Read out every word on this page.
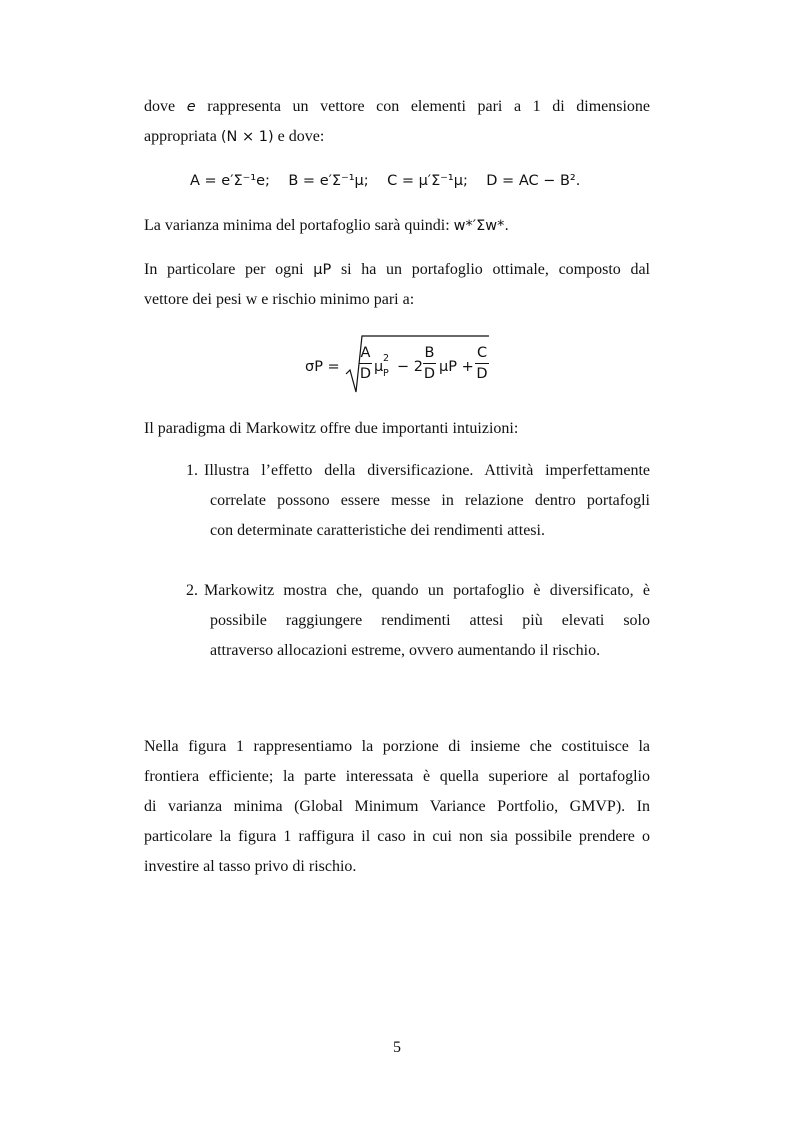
dove e rappresenta un vettore con elementi pari a 1 di dimensione
appropriata (N × 1) e dove:
A = e′Σ⁻¹e; B = e′Σ⁻¹μ; C = μ′Σ⁻¹μ; D = AC − B².
La varianza minima del portafoglio sarà quindi: w*′Σw*.
In particolare per ogni μP si ha un portafoglio ottimale, composto dal
vettore dei pesi w e rischio minimo pari a:
σP =
A
D μ
2
P − 2
B
D μP +
C
D
Il paradigma di Markowitz offre due importanti intuizioni:
1. Illustra l’effetto della diversificazione. Attività imperfettamente
correlate possono essere messe in relazione dentro portafogli
con determinate caratteristiche dei rendimenti attesi.
2. Markowitz mostra che, quando un portafoglio è diversificato, è
possibile raggiungere rendimenti attesi più elevati solo
attraverso allocazioni estreme, ovvero aumentando il rischio.
Nella figura 1 rappresentiamo la porzione di insieme che costituisce la
frontiera efficiente; la parte interessata è quella superiore al portafoglio
di varianza minima (Global Minimum Variance Portfolio, GMVP). In
particolare la figura 1 raffigura il caso in cui non sia possibile prendere o
investire al tasso privo di rischio.
5
